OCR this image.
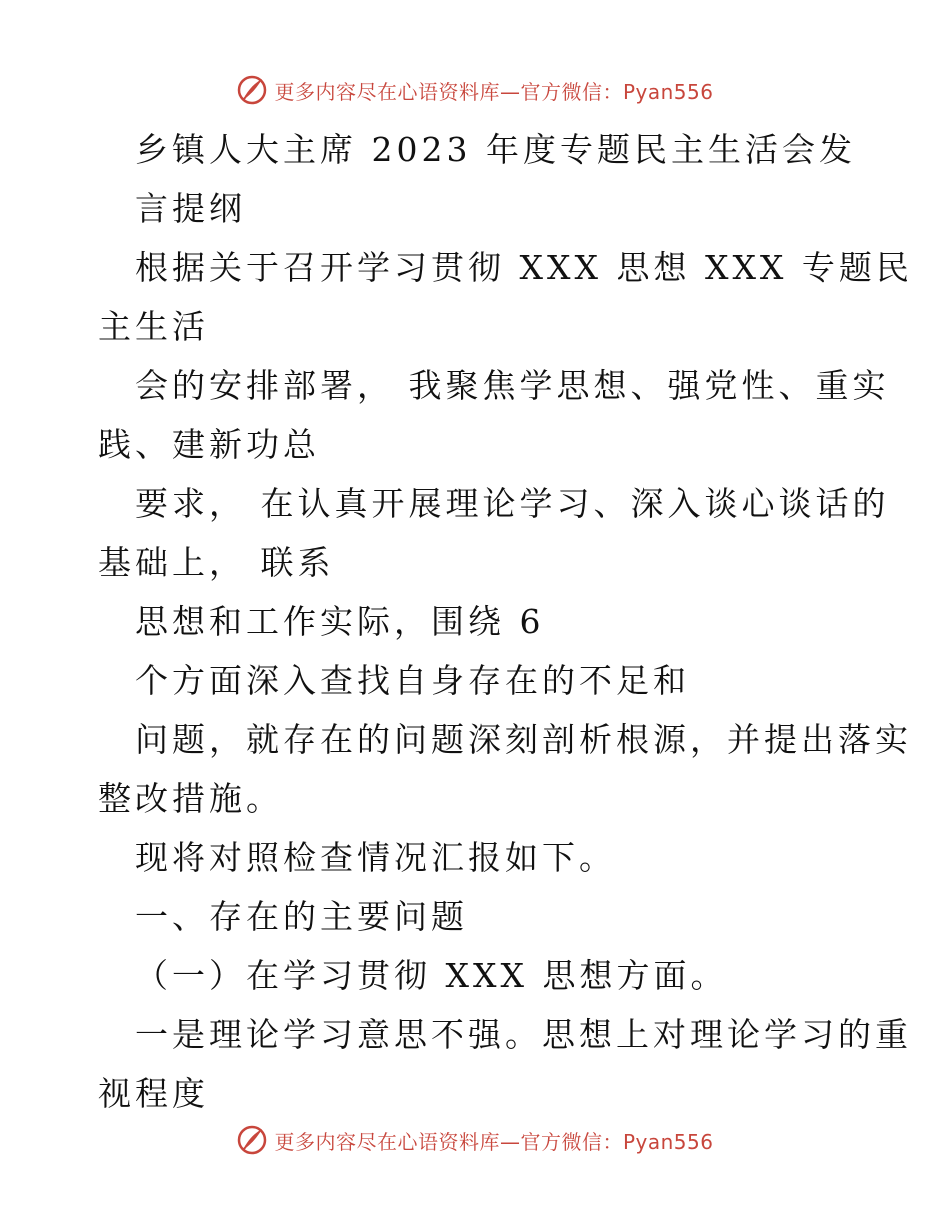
更多内容尽在心语资料库—官方微信：Pyan556

乡镇人大主席 2023 年度专题民主生活会发

言提纲

根据关于召开学习贯彻 XXX 思想 XXX 专题民

主生活

会的安排部署， 我聚焦学思想、强党性、重实

践、建新功总

要求， 在认真开展理论学习、深入谈心谈话的

基础上， 联系

思想和工作实际，围绕 6

个方面深入查找自身存在的不足和

问题，就存在的问题深刻剖析根源，并提出落实

整改措施。

现将对照检查情况汇报如下。

一、存在的主要问题

（一）在学习贯彻 XXX 思想方面。

一是理论学习意思不强。思想上对理论学习的重

视程度

更多内容尽在心语资料库—官方微信：Pyan556
